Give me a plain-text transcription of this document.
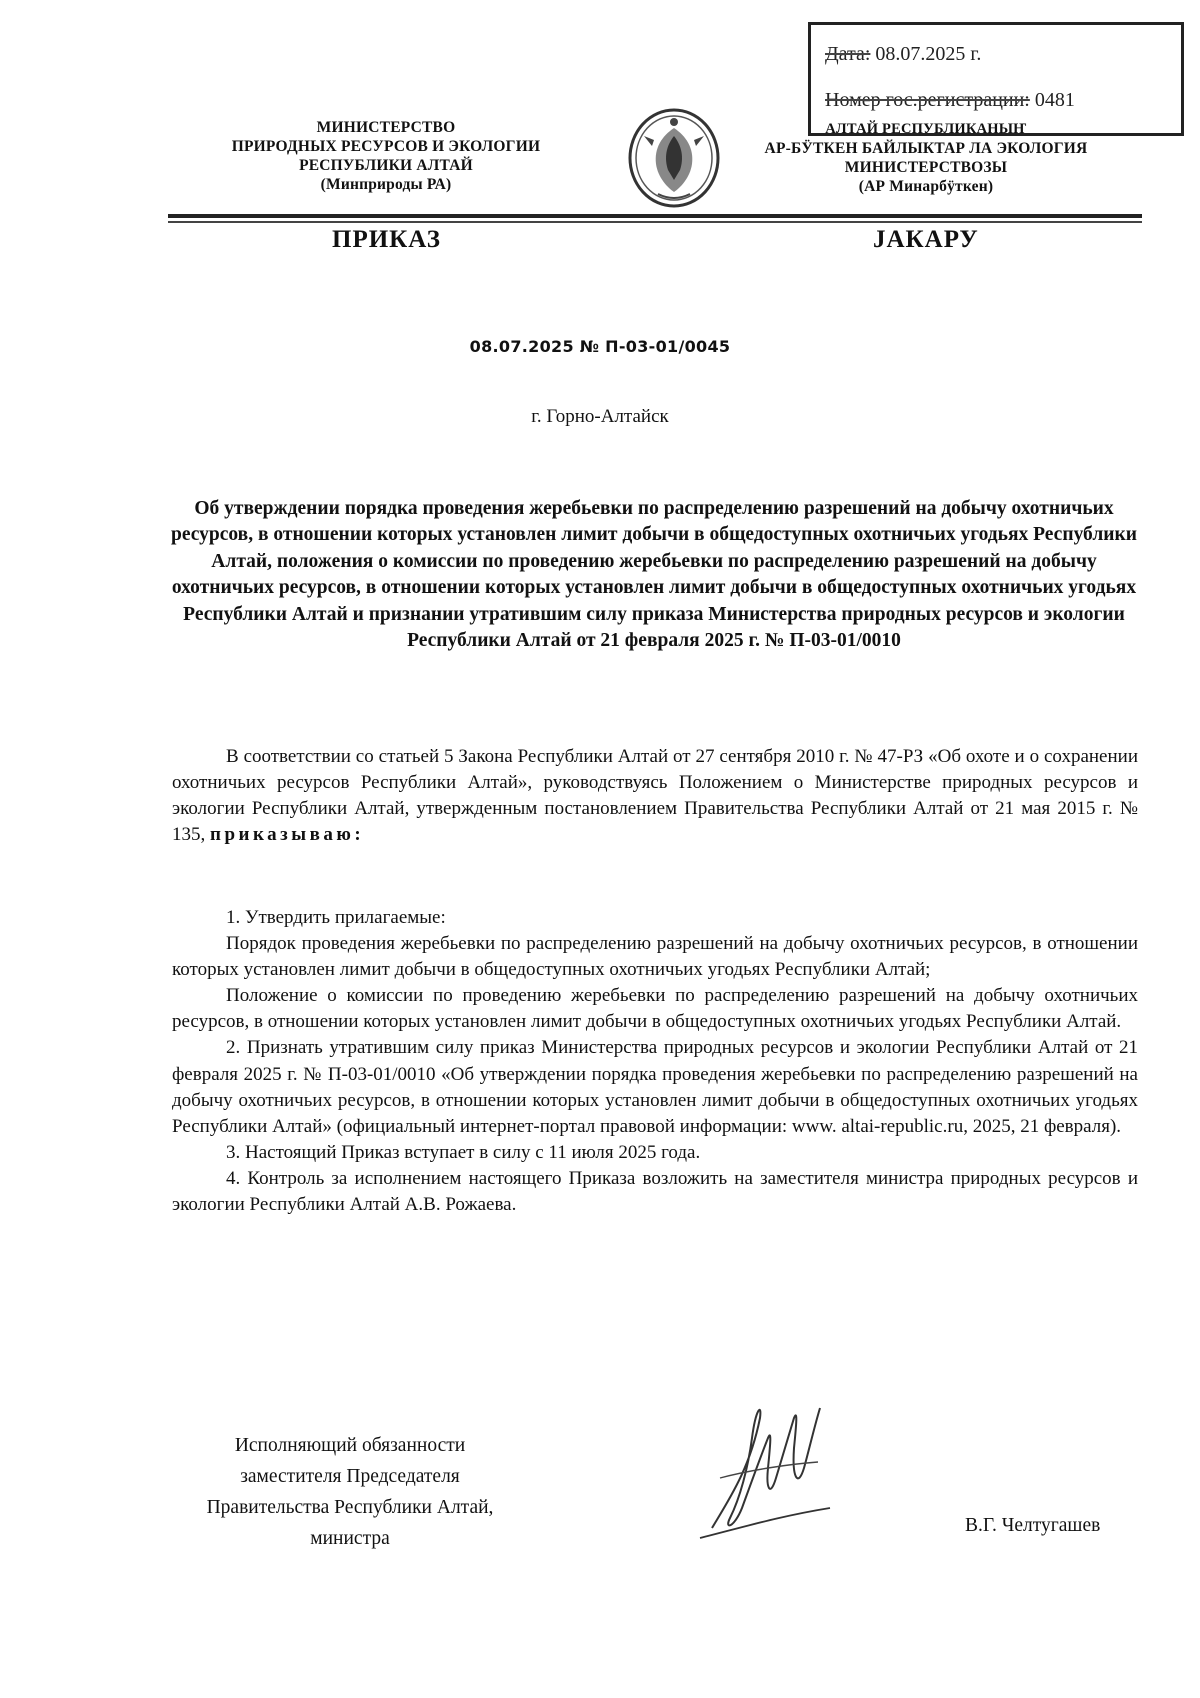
Дата: 08.07.2025 г.
Номер гос.регистрации: 0481
МИНИСТЕРСТВО
ПРИРОДНЫХ РЕСУРСОВ И ЭКОЛОГИИ
РЕСПУБЛИКИ АЛТАЙ
(Минприроды РА)
АЛТАЙ РЕСПУБЛИКАНЫҤ
АР-БӰТКЕН БАЙЛЫКТАР ЛА ЭКОЛОГИЯ
МИНИСТЕРСТВОЗЫ
(АР Минарбӱткен)
ПРИКАЗ	JАКАРУ
08.07.2025 № П-03-01/0045
г. Горно-Алтайск
Об утверждении порядка проведения жеребьевки по распределению разрешений на добычу охотничьих ресурсов, в отношении которых установлен лимит добычи в общедоступных охотничьих угодьях Республики Алтай, положения о комиссии по проведению жеребьевки по распределению разрешений на добычу охотничьих ресурсов, в отношении которых установлен лимит добычи в общедоступных охотничьих угодьях Республики Алтай и признании утратившим силу приказа Министерства природных ресурсов и экологии Республики Алтай от 21 февраля 2025 г. № П-03-01/0010

В соответствии со статьей 5 Закона Республики Алтай от 27 сентября 2010 г. № 47-РЗ «Об охоте и о сохранении охотничьих ресурсов Республики Алтай», руководствуясь Положением о Министерстве природных ресурсов и экологии Республики Алтай, утвержденным постановлением Правительства Республики Алтай от 21 мая 2015 г. № 135, приказываю:

1. Утвердить прилагаемые:

Порядок проведения жеребьевки по распределению разрешений на добычу охотничьих ресурсов, в отношении которых установлен лимит добычи в общедоступных охотничьих угодьях Республики Алтай;

Положение о комиссии по проведению жеребьевки по распределению разрешений на добычу охотничьих ресурсов, в отношении которых установлен лимит добычи в общедоступных охотничьих угодьях Республики Алтай.

2. Признать утратившим силу приказ Министерства природных ресурсов и экологии Республики Алтай от 21 февраля 2025 г. № П-03-01/0010 «Об утверждении порядка проведения жеребьевки по распределению разрешений на добычу охотничьих ресурсов, в отношении которых установлен лимит добычи в общедоступных охотничьих угодьях Республики Алтай» (официальный интернет-портал правовой информации: www. altai-republic.ru, 2025, 21 февраля).

3. Настоящий Приказ вступает в силу с 11 июля 2025 года.

4. Контроль за исполнением настоящего Приказа возложить на заместителя министра природных ресурсов и экологии Республики Алтай А.В. Рожаева.

Исполняющий обязанности
заместителя Председателя
Правительства Республики Алтай,
министра
В.Г. Челтугашев
